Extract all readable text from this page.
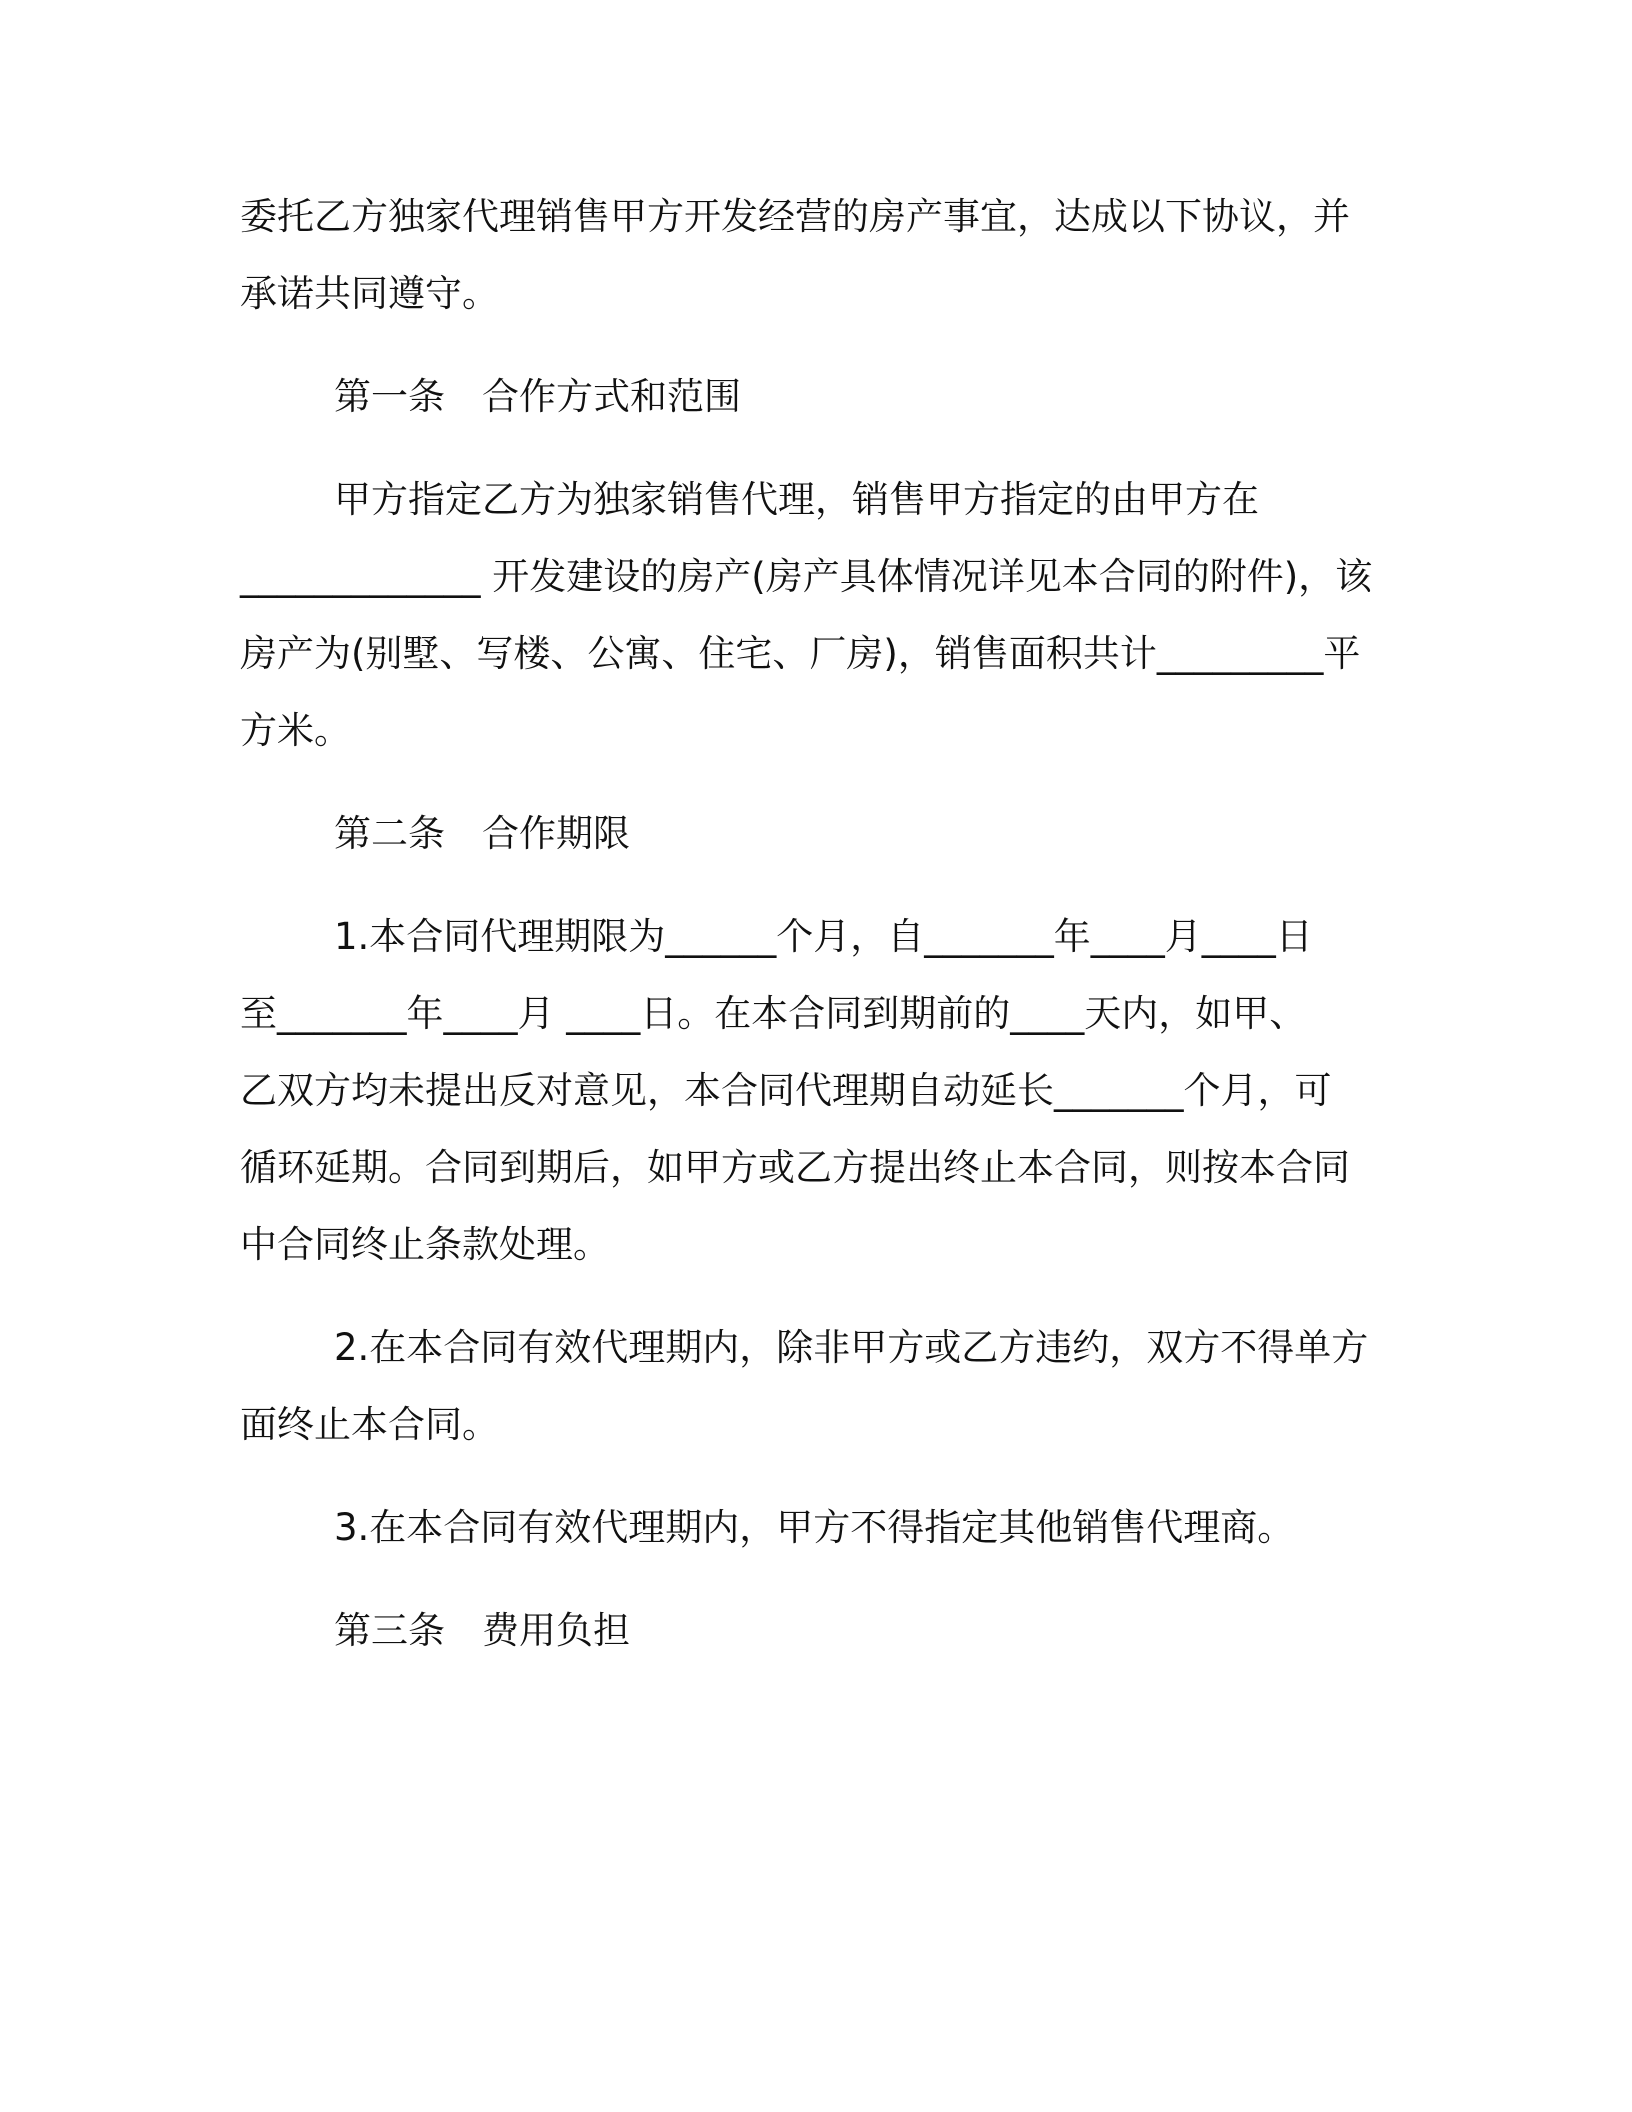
委托乙方独家代理销售甲方开发经营的房产事宜，达成以下协议，并
承诺共同遵守。
第一条　合作方式和范围
甲方指定乙方为独家销售代理，销售甲方指定的由甲方在
_____________ 开发建设的房产(房产具体情况详见本合同的附件)，该
房产为(别墅、写楼、公寓、住宅、厂房)，销售面积共计_________平
方米。
第二条　合作期限
1.本合同代理期限为______个月，自_______年____月____日
至_______年____月 ____日。在本合同到期前的____天内，如甲、
乙双方均未提出反对意见，本合同代理期自动延长_______个月，可
循环延期。合同到期后，如甲方或乙方提出终止本合同，则按本合同
中合同终止条款处理。
2.在本合同有效代理期内，除非甲方或乙方违约，双方不得单方
面终止本合同。
3.在本合同有效代理期内，甲方不得指定其他销售代理商。
第三条　费用负担
